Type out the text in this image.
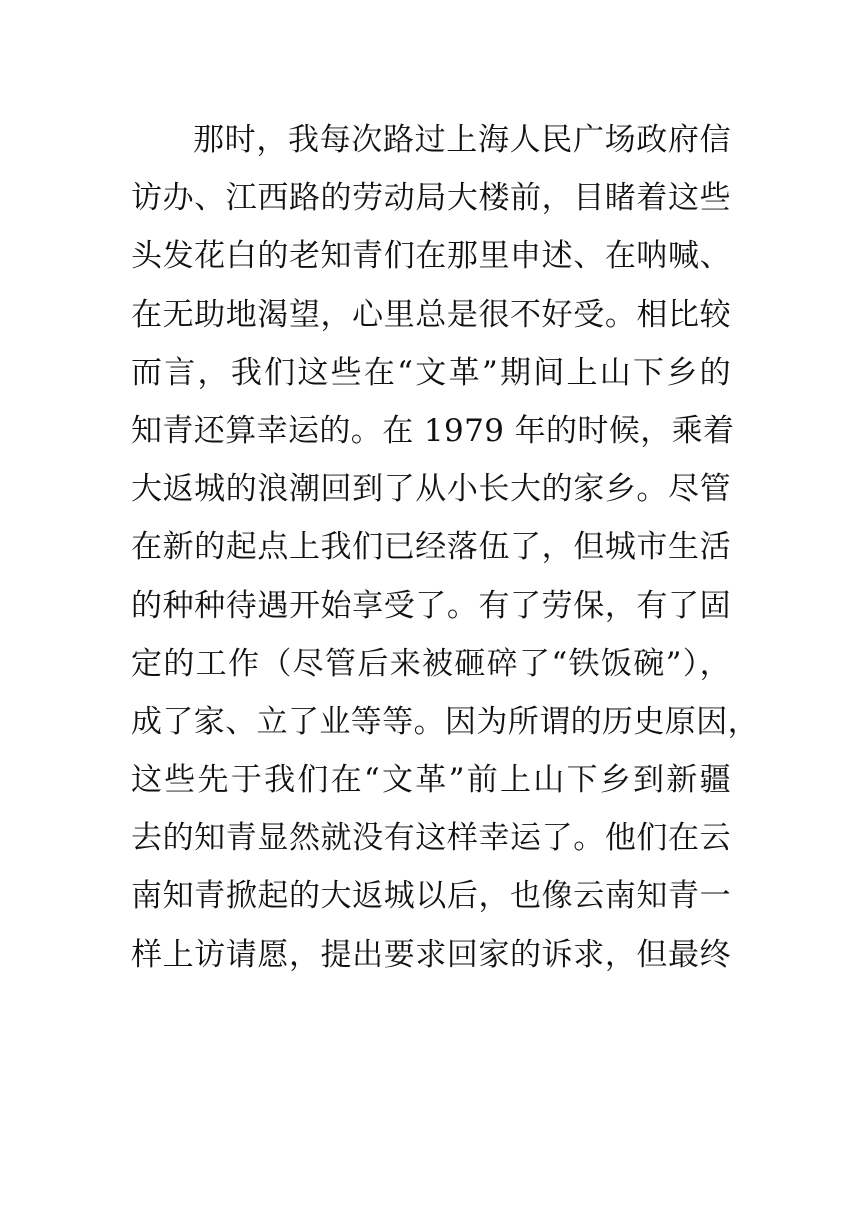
那时，我每次路过上海人民广场政府信
访办、江西路的劳动局大楼前，目睹着这些
头发花白的老知青们在那里申述、在呐喊、
在无助地渴望，心里总是很不好受。相比较
而言，我们这些在“文革”期间上山下乡的
知青还算幸运的。在 1979 年的时候，乘着
大返城的浪潮回到了从小长大的家乡。尽管
在新的起点上我们已经落伍了，但城市生活
的种种待遇开始享受了。有了劳保，有了固
定的工作（尽管后来被砸碎了“铁饭碗”），
成了家、立了业等等。因为所谓的历史原因，
这些先于我们在“文革”前上山下乡到新疆
去的知青显然就没有这样幸运了。他们在云
南知青掀起的大返城以后，也像云南知青一
样上访请愿，提出要求回家的诉求，但最终
